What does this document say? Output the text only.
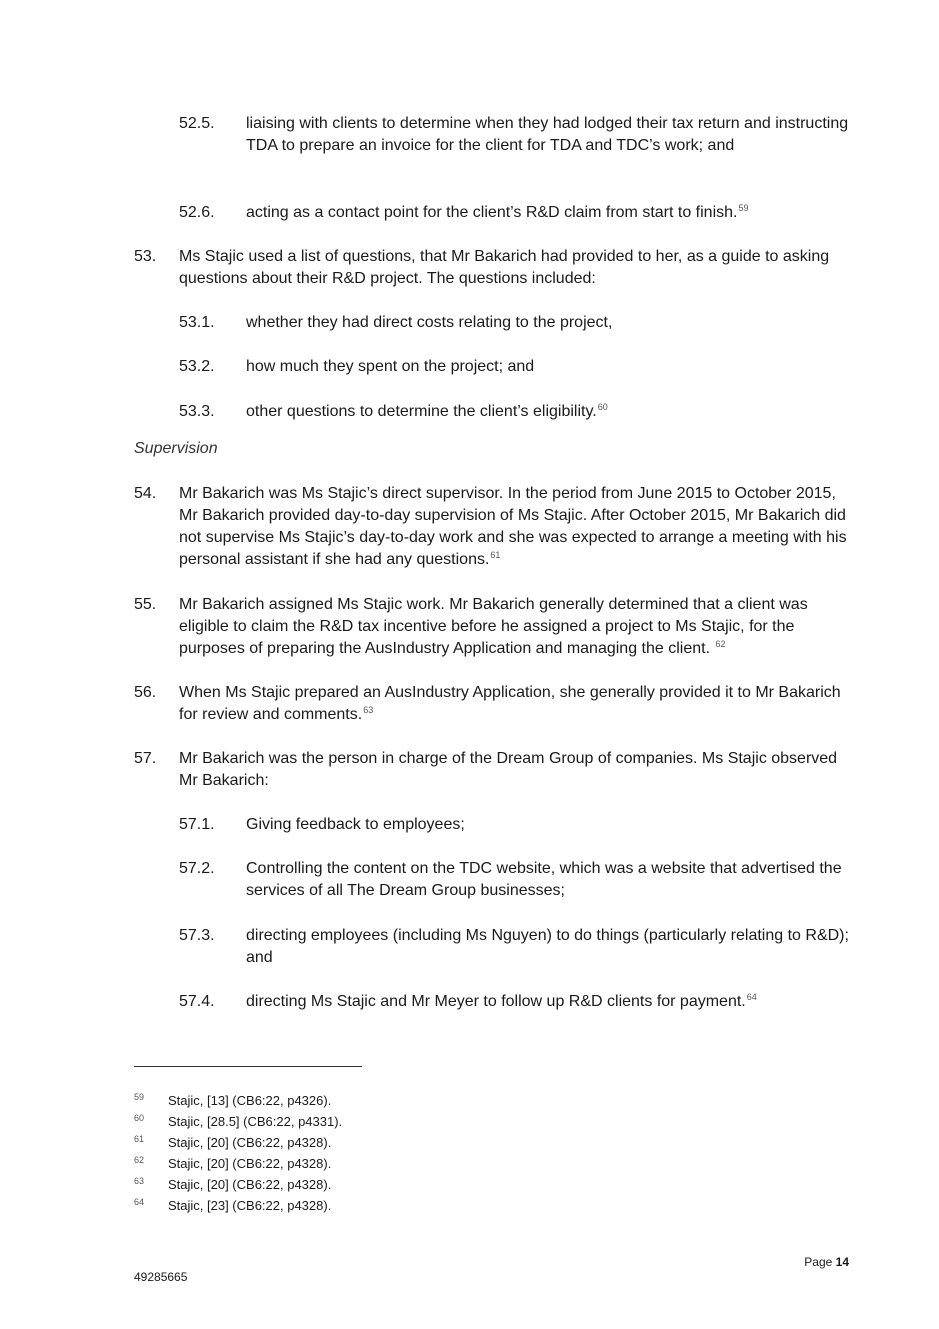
52.5. liaising with clients to determine when they had lodged their tax return and instructing TDA to prepare an invoice for the client for TDA and TDC’s work; and
52.6. acting as a contact point for the client’s R&D claim from start to finish.$^{59}$
53. Ms Stajic used a list of questions, that Mr Bakarich had provided to her, as a guide to asking questions about their R&D project. The questions included:
53.1. whether they had direct costs relating to the project,
53.2. how much they spent on the project; and
53.3. other questions to determine the client’s eligibility.$^{60}$
Supervision
54. Mr Bakarich was Ms Stajic’s direct supervisor. In the period from June 2015 to October 2015, Mr Bakarich provided day-to-day supervision of Ms Stajic. After October 2015, Mr Bakarich did not supervise Ms Stajic’s day-to-day work and she was expected to arrange a meeting with his personal assistant if she had any questions.$^{61}$
55. Mr Bakarich assigned Ms Stajic work. Mr Bakarich generally determined that a client was eligible to claim the R&D tax incentive before he assigned a project to Ms Stajic, for the purposes of preparing the AusIndustry Application and managing the client. $^{62}$
56. When Ms Stajic prepared an AusIndustry Application, she generally provided it to Mr Bakarich for review and comments.$^{63}$
57. Mr Bakarich was the person in charge of the Dream Group of companies. Ms Stajic observed Mr Bakarich:
57.1. Giving feedback to employees;
57.2. Controlling the content on the TDC website, which was a website that advertised the services of all The Dream Group businesses;
57.3. directing employees (including Ms Nguyen) to do things (particularly relating to R&D); and
57.4. directing Ms Stajic and Mr Meyer to follow up R&D clients for payment.$^{64}$
59 Stajic, [13] (CB6:22, p4326).
60 Stajic, [28.5] (CB6:22, p4331).
61 Stajic, [20] (CB6:22, p4328).
62 Stajic, [20] (CB6:22, p4328).
63 Stajic, [20] (CB6:22, p4328).
64 Stajic, [23] (CB6:22, p4328).
Page 14
49285665
